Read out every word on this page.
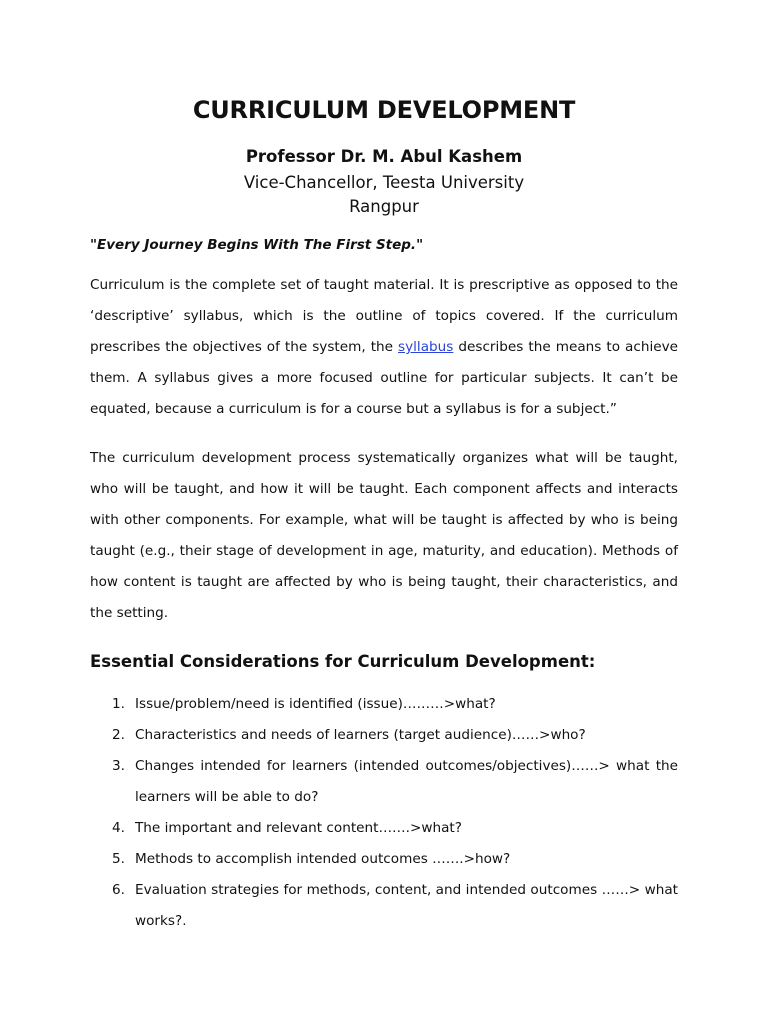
CURRICULUM DEVELOPMENT
Professor Dr. M. Abul Kashem
Vice-Chancellor, Teesta University
Rangpur
"Every Journey Begins With The First Step."

Curriculum is the complete set of taught material. It is prescriptive as opposed to the ‘descriptive’ syllabus, which is the outline of topics covered. If the curriculum prescribes the objectives of the system, the syllabus describes the means to achieve them. A syllabus gives a more focused outline for particular subjects. It can’t be equated, because a curriculum is for a course but a syllabus is for a subject.”

The curriculum development process systematically organizes what will be taught, who will be taught, and how it will be taught. Each component affects and interacts with other components. For example, what will be taught is affected by who is being taught (e.g., their stage of development in age, maturity, and education). Methods of how content is taught are affected by who is being taught, their characteristics, and the setting.

Essential Considerations for Curriculum Development:
1. Issue/problem/need is identified (issue)………>what?
2. Characteristics and needs of learners (target audience)……>who?
3. Changes intended for learners (intended outcomes/objectives)……> what the learners will be able to do?
4. The important and relevant content…….>what?
5. Methods to accomplish intended outcomes …….>how?
6. Evaluation strategies for methods, content, and intended outcomes ……> what works?.
